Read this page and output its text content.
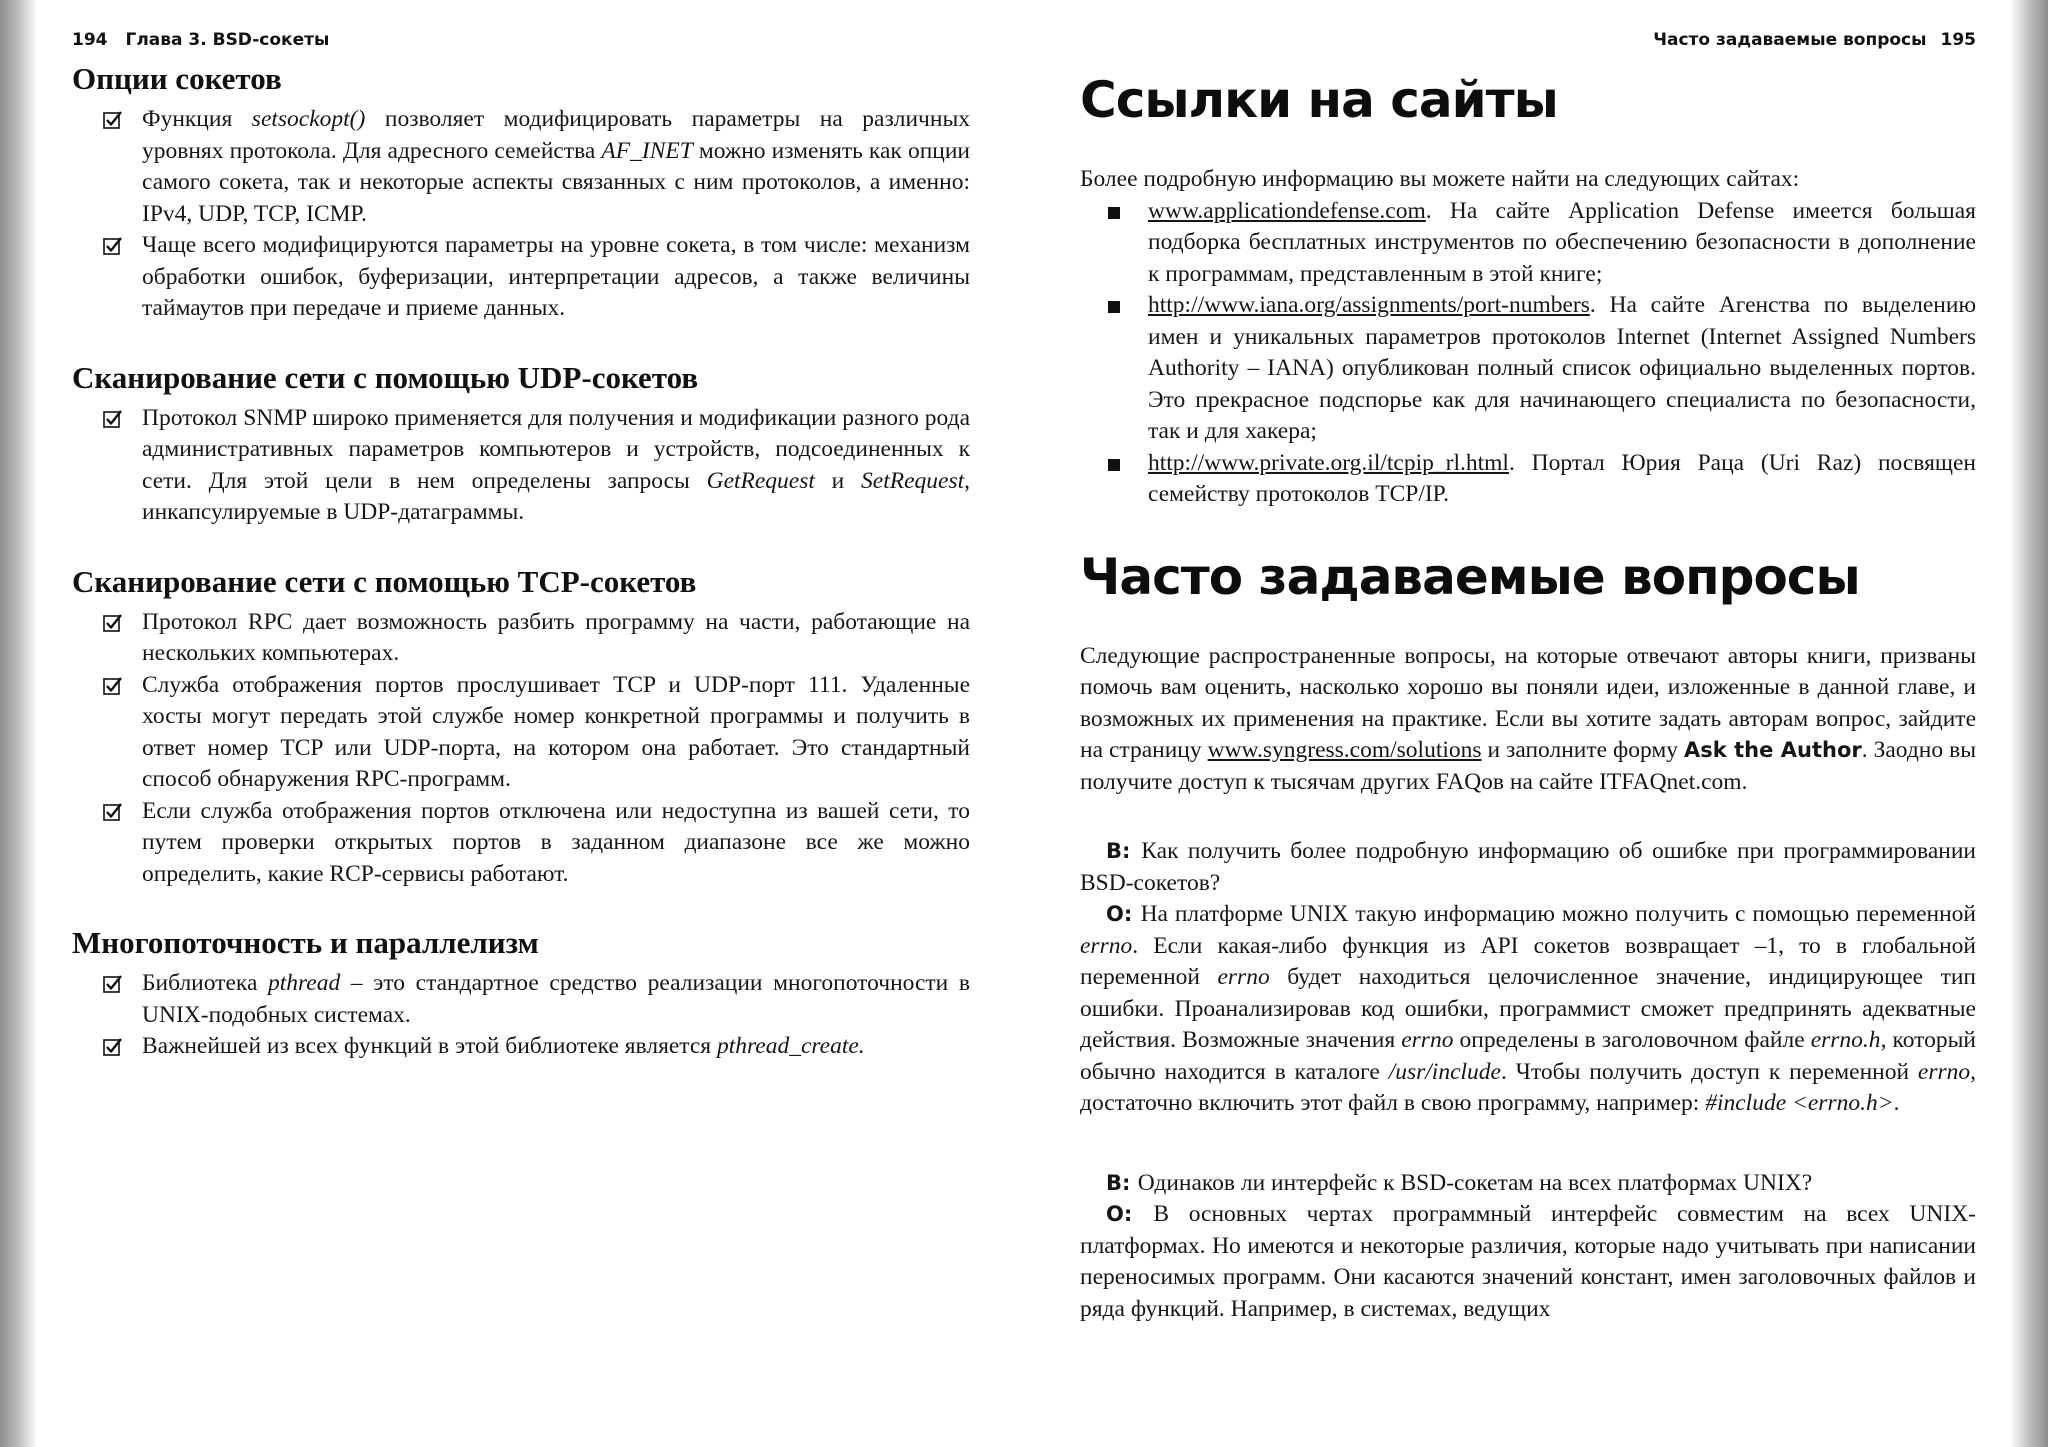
194 Глава 3. BSD-сокеты
Опции сокетов
Функция setsockopt() позволяет модифицировать параметры на различных уровнях протокола. Для адресного семейства AF_INET можно изменять как опции самого сокета, так и некоторые аспекты связанных с ним протоколов, а именно: IPv4, UDP, TCP, ICMP.
Чаще всего модифицируются параметры на уровне сокета, в том числе: механизм обработки ошибок, буферизации, интерпретации адресов, а также величины таймаутов при передаче и приеме данных.
Сканирование сети с помощью UDP-сокетов
Протокол SNMP широко применяется для получения и модификации разного рода административных параметров компьютеров и устройств, подсоединенных к сети. Для этой цели в нем определены запросы GetRequest и SetRequest, инкапсулируемые в UDP-датаграммы.
Сканирование сети с помощью TCP-сокетов
Протокол RPC дает возможность разбить программу на части, работающие на нескольких компьютерах.
Служба отображения портов прослушивает TCP и UDP-порт 111. Удаленные хосты могут передать этой службе номер конкретной программы и получить в ответ номер TCP или UDP-порта, на котором она работает. Это стандартный способ обнаружения RPC-программ.
Если служба отображения портов отключена или недоступна из вашей сети, то путем проверки открытых портов в заданном диапазоне все же можно определить, какие RCP-сервисы работают.
Многопоточность и параллелизм
Библиотека pthread – это стандартное средство реализации многопоточности в UNIX-подобных системах.
Важнейшей из всех функций в этой библиотеке является pthread_create.
Часто задаваемые вопросы 195
Ссылки на сайты

Более подробную информацию вы можете найти на следующих сайтах:

www.applicationdefense.com. На сайте Application Defense имеется большая подборка бесплатных инструментов по обеспечению безопасности в дополнение к программам, представленным в этой книге;
http://www.iana.org/assignments/port-numbers. На сайте Агенства по выделению имен и уникальных параметров протоколов Internet (Internet Assigned Numbers Authority – IANA) опубликован полный список официально выделенных портов. Это прекрасное подспорье как для начинающего специалиста по безопасности, так и для хакера;
http://www.private.org.il/tcpip_rl.html. Портал Юрия Раца (Uri Raz) посвящен семейству протоколов TCP/IP.
Часто задаваемые вопросы

Следующие распространенные вопросы, на которые отвечают авторы книги, призваны помочь вам оценить, насколько хорошо вы поняли идеи, изложенные в данной главе, и возможных их применения на практике. Если вы хотите задать авторам вопрос, зайдите на страницу www.syngress.com/solutions и заполните форму Ask the Author. Заодно вы получите доступ к тысячам других FAQов на сайте ITFAQnet.com.

В: Как получить более подробную информацию об ошибке при программировании BSD-сокетов?

О: На платформе UNIX такую информацию можно получить с помощью переменной errno. Если какая-либо функция из API сокетов возвращает –1, то в глобальной переменной errno будет находиться целочисленное значение, индицирующее тип ошибки. Проанализировав код ошибки, программист сможет предпринять адекватные действия. Возможные значения errno определены в заголовочном файле errno.h, который обычно находится в каталоге /usr/include. Чтобы получить доступ к переменной errno, достаточно включить этот файл в свою программу, например: #include <errno.h>.

В: Одинаков ли интерфейс к BSD-сокетам на всех платформах UNIX?

О: В основных чертах программный интерфейс совместим на всех UNIX-платформах. Но имеются и некоторые различия, которые надо учитывать при написании переносимых программ. Они касаются значений констант, имен заголовочных файлов и ряда функций. Например, в системах, ведущих
